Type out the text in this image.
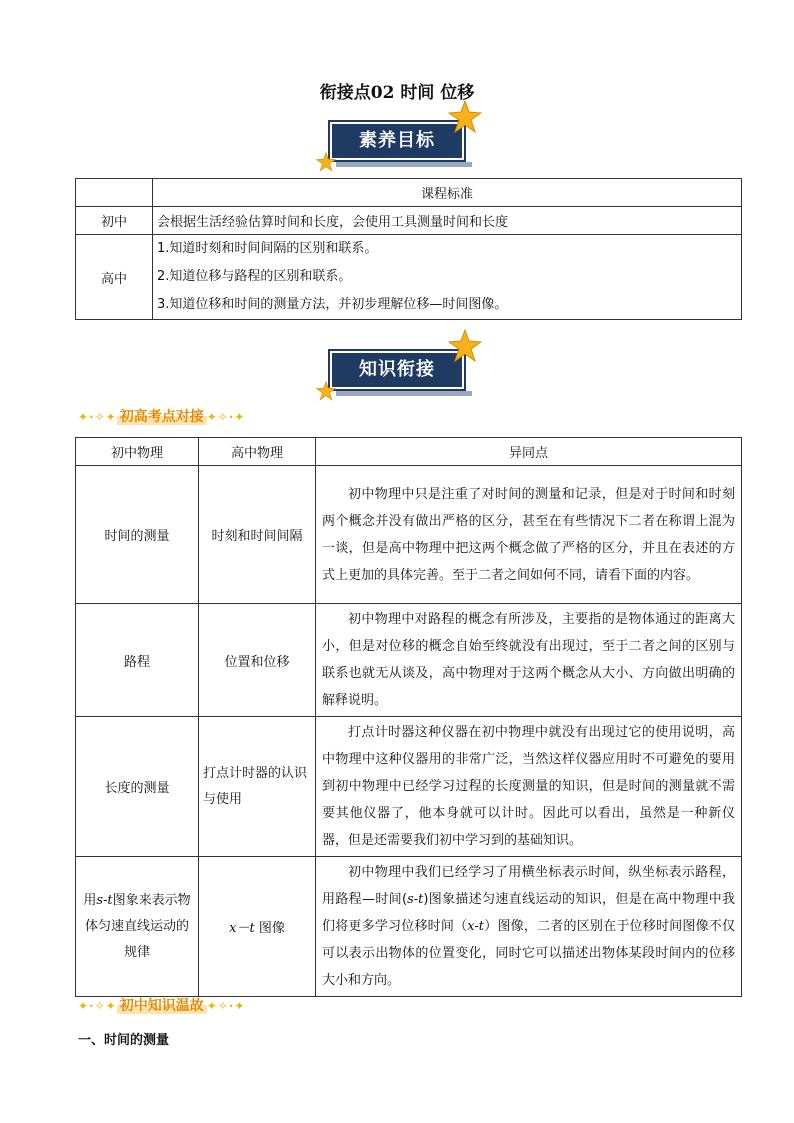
衔接点02 时间 位移
素养目标
	课程标准
初中	会根据生活经验估算时间和长度，会使用工具测量时间和长度
高中	1.知道时刻和时间间隔的区别和联系。
2.知道位移与路程的区别和联系。
3.知道位移和时间的测量方法，并初步理解位移—时间图像。
知识衔接
✦·✧✦ 初高考点对接 ✦✧·✦
初中物理	高中物理	异同点
时间的测量	时刻和时间间隔	初中物理中只是注重了对时间的测量和记录，但是对于时间和时刻两个概念并没有做出严格的区分，甚至在有些情况下二者在称谓上混为一谈，但是高中物理中把这两个概念做了严格的区分，并且在表述的方式上更加的具体完善。至于二者之间如何不同，请看下面的内容。
路程	位置和位移	初中物理中对路程的概念有所涉及，主要指的是物体通过的距离大小，但是对位移的概念自始至终就没有出现过，至于二者之间的区别与联系也就无从谈及，高中物理对于这两个概念从大小、方向做出明确的解释说明。
长度的测量	打点计时器的认识与使用	打点计时器这种仪器在初中物理中就没有出现过它的使用说明，高中物理中这种仪器用的非常广泛，当然这样仪器应用时不可避免的要用到初中物理中已经学习过程的长度测量的知识，但是时间的测量就不需要其他仪器了，他本身就可以计时。因此可以看出，虽然是一种新仪器，但是还需要我们初中学习到的基础知识。
用s-t图象来表示物体匀速直线运动的规律	x－t 图像	初中物理中我们已经学习了用横坐标表示时间，纵坐标表示路程，用路程—时间(s-t)图象描述匀速直线运动的知识，但是在高中物理中我们将更多学习位移时间（x-t）图像，二者的区别在于位移时间图像不仅可以表示出物体的位置变化，同时它可以描述出物体某段时间内的位移大小和方向。
✦·✧✦ 初中知识温故 ✦✧·✦
一、时间的测量
